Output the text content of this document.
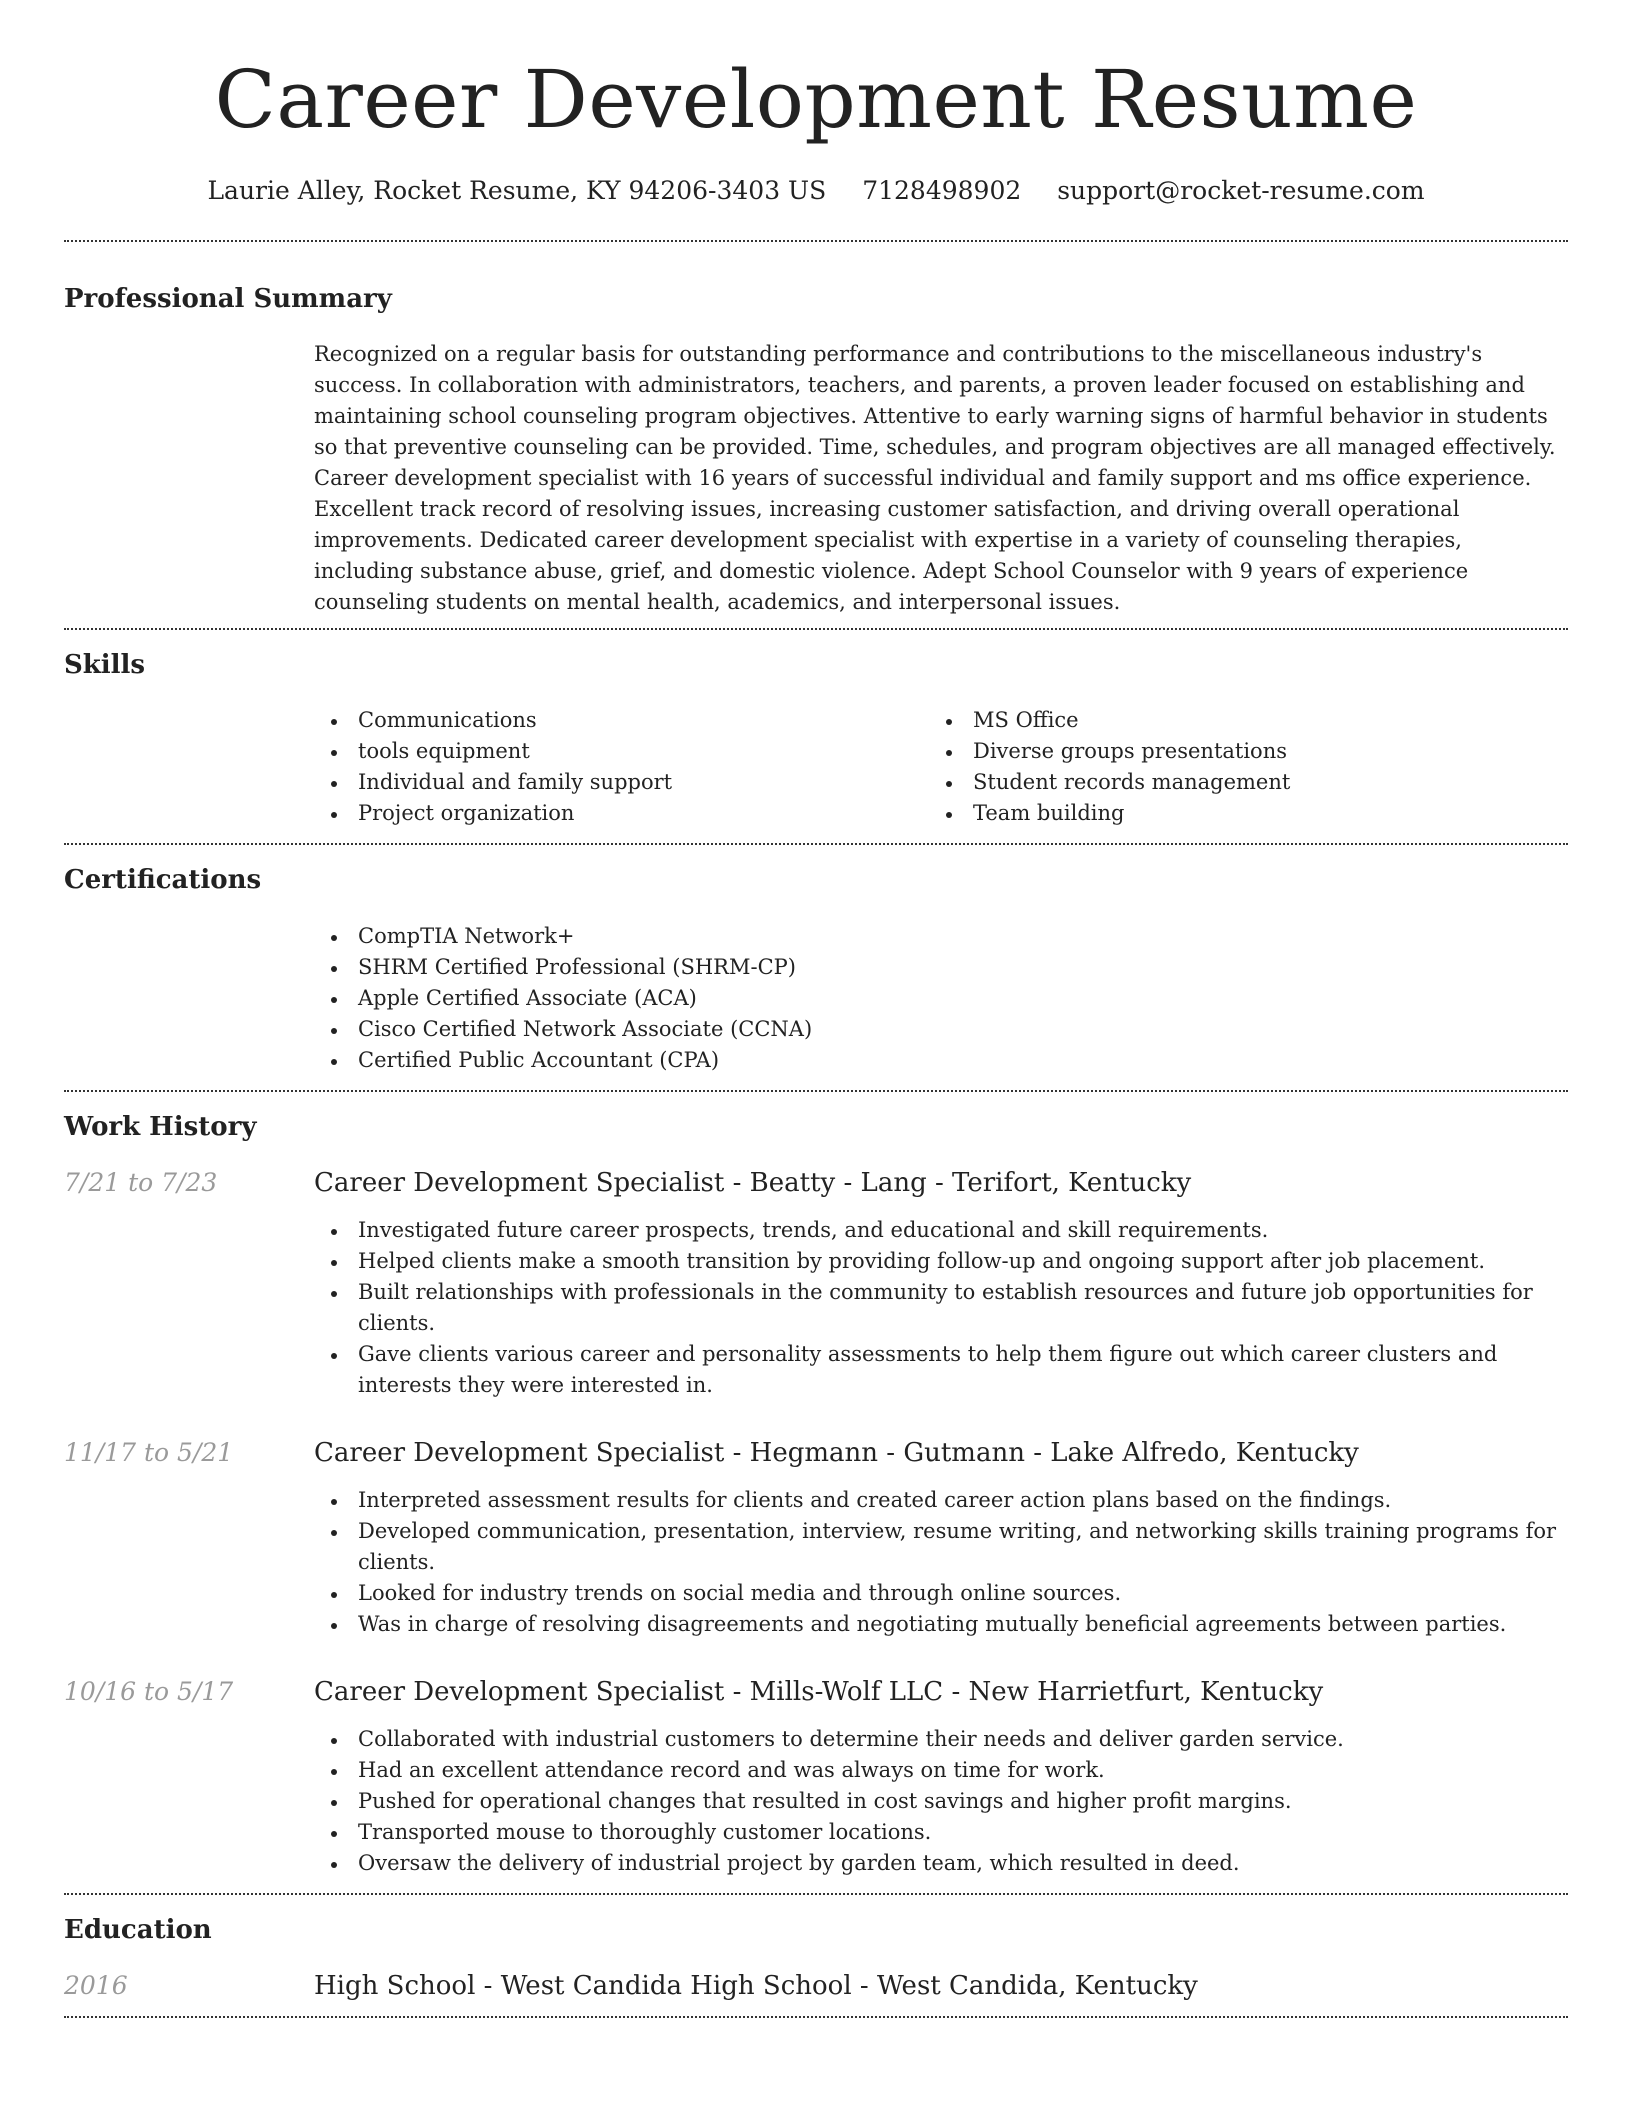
Career Development Resume
Laurie Alley, Rocket Resume, KY 94206-3403 US 7128498902 support@rocket-resume.com
Professional Summary

Recognized on a regular basis for outstanding performance and contributions to the miscellaneous industry's success. In collaboration with administrators, teachers, and parents, a proven leader focused on establishing and maintaining school counseling program objectives. Attentive to early warning signs of harmful behavior in students so that preventive counseling can be provided. Time, schedules, and program objectives are all managed effectively. Career development specialist with 16 years of successful individual and family support and ms office experience. Excellent track record of resolving issues, increasing customer satisfaction, and driving overall operational improvements. Dedicated career development specialist with expertise in a variety of counseling therapies, including substance abuse, grief, and domestic violence. Adept School Counselor with 9 years of experience counseling students on mental health, academics, and interpersonal issues.

Skills
Communications
tools equipment
Individual and family support
Project organization
MS Office
Diverse groups presentations
Student records management
Team building
Certifications
CompTIA Network+
SHRM Certified Professional (SHRM-CP)
Apple Certified Associate (ACA)
Cisco Certified Network Associate (CCNA)
Certified Public Accountant (CPA)
Work History
7/21 to 7/23	Career Development Specialist - Beatty - Lang - Terifort, Kentucky
Investigated future career prospects, trends, and educational and skill requirements.
Helped clients make a smooth transition by providing follow-up and ongoing support after job placement.
Built relationships with professionals in the community to establish resources and future job opportunities for clients.
Gave clients various career and personality assessments to help them figure out which career clusters and interests they were interested in.
11/17 to 5/21	Career Development Specialist - Hegmann - Gutmann - Lake Alfredo, Kentucky
Interpreted assessment results for clients and created career action plans based on the findings.
Developed communication, presentation, interview, resume writing, and networking skills training programs for clients.
Looked for industry trends on social media and through online sources.
Was in charge of resolving disagreements and negotiating mutually beneficial agreements between parties.
10/16 to 5/17	Career Development Specialist - Mills-Wolf LLC - New Harrietfurt, Kentucky
Collaborated with industrial customers to determine their needs and deliver garden service.
Had an excellent attendance record and was always on time for work.
Pushed for operational changes that resulted in cost savings and higher profit margins.
Transported mouse to thoroughly customer locations.
Oversaw the delivery of industrial project by garden team, which resulted in deed.
Education
2016	High School - West Candida High School - West Candida, Kentucky
